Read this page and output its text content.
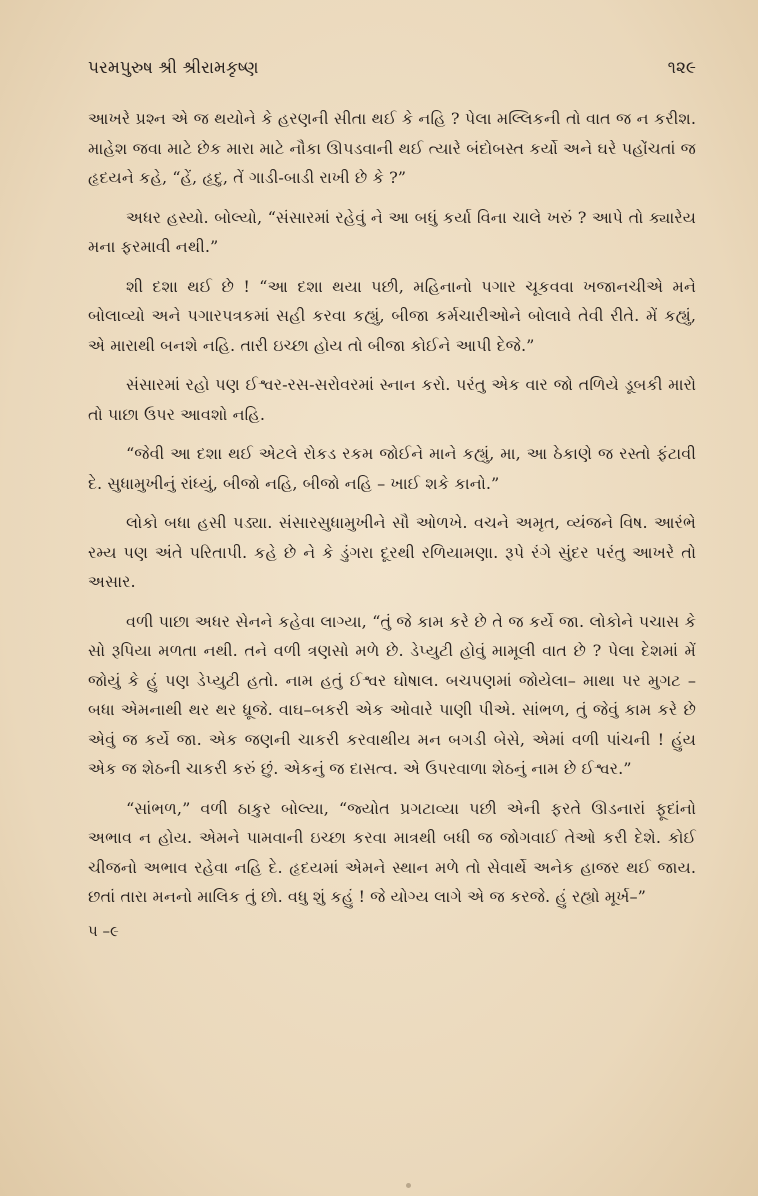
પરમપુરુષ શ્રી શ્રીરામકૃષ્ણ	૧૨૯

આખરે પ્રશ્ન એ જ થયોને કે હરણની સીતા થઈ કે નહિ ? પેલા મલ્લિકની તો વાત જ ન કરીશ. માહેશ જવા માટે છેક મારા માટે નૌકા ઊપડવાની થઈ ત્યારે બંદોબસ્ત કર્યો અને ઘરે પહોંચતાં જ હૃદયને કહે, “હેં, હૃદુ, તેં ગાડી-બાડી રાખી છે કે ?”

અધર હસ્યો. બોલ્યો, “સંસારમાં રહેવું ને આ બધું કર્યા વિના ચાલે ખરું ? આપે તો ક્યારેય મના ફરમાવી નથી.”

શી દશા થઈ છે ! “આ દશા થયા પછી, મહિનાનો પગાર ચૂકવવા ખજાનચીએ મને બોલાવ્યો અને પગારપત્રકમાં સહી કરવા કહ્યું, બીજા કર્મચારીઓને બોલાવે તેવી રીતે. મેં કહ્યું, એ મારાથી બનશે નહિ. તારી ઇચ્છા હોય તો બીજા કોઈને આપી દેજે.”

સંસારમાં રહો પણ ઈશ્વર-રસ-સરોવરમાં સ્નાન કરો. પરંતુ એક વાર જો તળિયે ડૂબકી મારો તો પાછા ઉપર આવશો નહિ.

“જેવી આ દશા થઈ એટલે રોકડ રકમ જોઈને માને કહ્યું, મા, આ ઠેકાણે જ રસ્તો ફંટાવી દે. સુધામુખીનું રાંધ્યું, બીજો નહિ, બીજો નહિ – ખાઈ શકે કાનો.”

લોકો બધા હસી પડ્યા. સંસારસુધામુખીને સૌ ઓળખે. વચને અમૃત, વ્યંજને વિષ. આરંભે રમ્ય પણ અંતે પરિતાપી. કહે છે ને કે ડુંગરા દૂરથી રળિયામણા. રૂપે રંગે સુંદર પરંતુ આખરે તો અસાર.

વળી પાછા અધર સેનને કહેવા લાગ્યા, “તું જે કામ કરે છે તે જ કર્યે જા. લોકોને પચાસ કે સો રૂપિયા મળતા નથી. તને વળી ત્રણસો મળે છે. ડેપ્યુટી હોવું મામૂલી વાત છે ? પેલા દેશમાં મેં જોયું કે હું પણ ડેપ્યુટી હતો. નામ હતું ઈશ્વર ઘોષાલ. બચપણમાં જોયેલા– માથા પર મુગટ – બધા એમનાથી થર થર ધ્રૂજે. વાઘ–બકરી એક ઓવારે પાણી પીએ. સાંભળ, તું જેવું કામ કરે છે એવું જ કર્યે જા. એક જણની ચાકરી કરવાથીય મન બગડી બેસે, એમાં વળી પાંચની ! હુંય એક જ શેઠની ચાકરી કરું છું. એકનું જ દાસત્વ. એ ઉપરવાળા શેઠનું નામ છે ઈશ્વર.”

“સાંભળ,” વળી ઠાકુર બોલ્યા, “જ્યોત પ્રગટાવ્યા પછી એની ફરતે ઊડનારાં ફૂદાંનો અભાવ ન હોય. એમને પામવાની ઇચ્છા કરવા માત્રથી બધી જ જોગવાઈ તેઓ કરી દેશે. કોઈ ચીજનો અભાવ રહેવા નહિ દે. હૃદયમાં એમને સ્થાન મળે તો સેવાર્થે અનેક હાજર થઈ જાય. છતાં તારા મનનો માલિક તું છો. વધુ શું કહું ! જે યોગ્ય લાગે એ જ કરજે. હું રહ્યો મૂર્ખ–”

પ –૯
